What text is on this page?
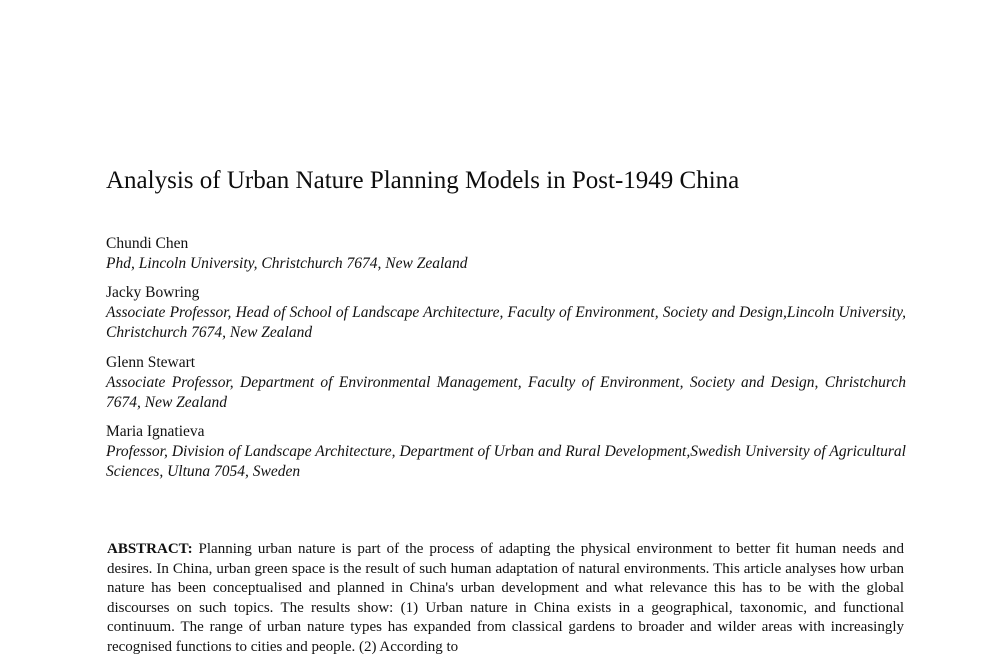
Analysis of Urban Nature Planning Models in Post-1949 China
Chundi Chen
Phd, Lincoln University, Christchurch 7674, New Zealand
Jacky Bowring
Associate Professor, Head of School of Landscape Architecture, Faculty of Environment, Society and Design,Lincoln University, Christchurch 7674, New Zealand
Glenn Stewart
Associate Professor, Department of Environmental Management, Faculty of Environment, Society and Design, Christchurch 7674, New Zealand
Maria Ignatieva
Professor, Division of Landscape Architecture, Department of Urban and Rural Development,Swedish University of Agricultural Sciences, Ultuna 7054, Sweden
ABSTRACT: Planning urban nature is part of the process of adapting the physical environment to better fit human needs and desires. In China, urban green space is the result of such human adaptation of natural environments. This article analyses how urban nature has been conceptualised and planned in China's urban development and what relevance this has to be with the global discourses on such topics. The results show: (1) Urban nature in China exists in a geographical, taxonomic, and functional continuum. The range of urban nature types has expanded from classical gardens to broader and wilder areas with increasingly recognised functions to cities and people. (2) According to
